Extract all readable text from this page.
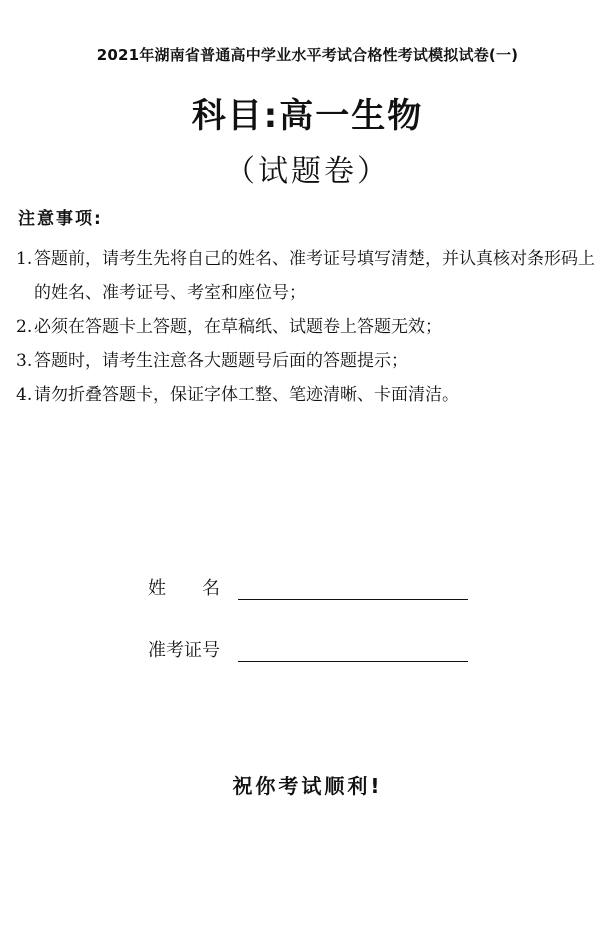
2021年湖南省普通高中学业水平考试合格性考试模拟试卷(一)
科目:高一生物
（试题卷）
注意事项:
1. 答题前，请考生先将自己的姓名、准考证号填写清楚，并认真核对条形码上的姓名、准考证号、考室和座位号；
2. 必须在答题卡上答题，在草稿纸、试题卷上答题无效；
3. 答题时，请考生注意各大题题号后面的答题提示；
4. 请勿折叠答题卡，保证字体工整、笔迹清晰、卡面清洁。
姓　　名
准考证号
祝你考试顺利!
